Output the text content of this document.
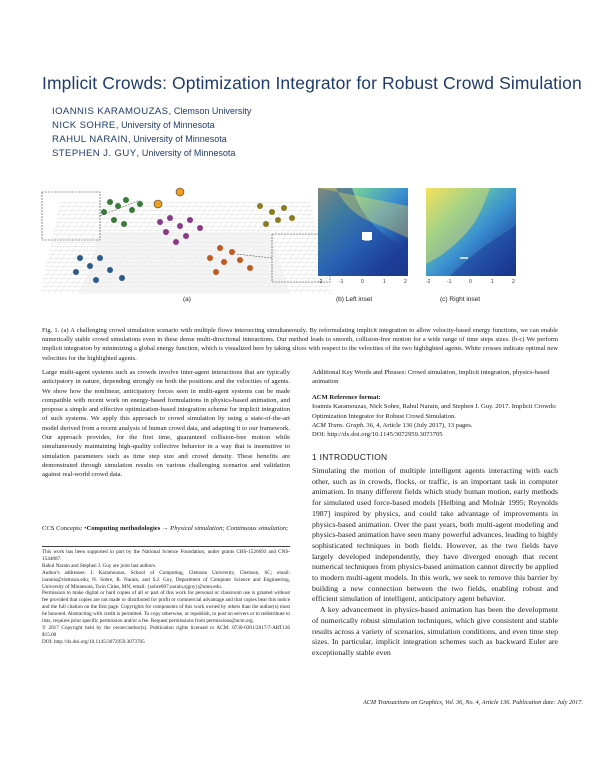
Implicit Crowds: Optimization Integrator for Robust Crowd Simulation
IOANNIS KARAMOUZAS, Clemson University
NICK SOHRE, University of Minnesota
RAHUL NARAIN, University of Minnesota
STEPHEN J. GUY, University of Minnesota
(a)
-2	-1	0	1	2
(b) Left inset
-2	-1	0	1	2
(c) Right inset
Fig. 1. (a) A challenging crowd simulation scenario with multiple flows intersecting simultaneously. By reformulating implicit integration to allow velocity-based energy functions, we can enable numerically stable crowd simulations even in these dense multi-directional interactions. Our method leads to smooth, collision-free motion for a wide range of time steps sizes. (b-c) We perform implicit integration by minimizing a global energy function, which is visualized here by taking slices with respect to the velocities of the two highlighted agents. White crosses indicate optimal new velocities for the highlighted agents.
Large multi-agent systems such as crowds involve inter-agent interactions that are typically anticipatory in nature, depending strongly on both the positions and the velocities of agents. We show how the nonlinear, anticipatory forces seen in multi-agent systems can be made compatible with recent work on energy-based formulations in physics-based animation, and propose a simple and effective optimization-based integration scheme for implicit integration of such systems. We apply this approach to crowd simulation by using a state-of-the-art model derived from a recent analysis of human crowd data, and adapting it to our framework. Our approach provides, for the first time, guaranteed collision-free motion while simultaneously maintaining high-quality collective behavior in a way that is insensitive to simulation parameters such as time step size and crowd density. These benefits are demonstrated through simulation results on various challenging scenarios and validation against real-world crowd data.
CCS Concepts: •Computing methodologies → Physical simulation; Continuous simulation;
This work has been supported in part by the National Science Foundation, under grants CHS-1526693 and CNS-1544887.
Rahul Narain and Stephen J. Guy are joint last authors.
Author's addresses: I. Karamouzas, School of Computing, Clemson University, Clemson, SC; email: ioannis@clemson.edu; N. Sohre, R. Narain, and S.J. Guy, Department of Computer Science and Engineering, University of Minnesota, Twin Cities, MN; email: {sohre007,narain,sjguy}@umn.edu.
Permission to make digital or hard copies of all or part of this work for personal or classroom use is granted without fee provided that copies are not made or distributed for profit or commercial advantage and that copies bear this notice and the full citation on the first page. Copyrights for components of this work owned by others than the author(s) must be honored. Abstracting with credit is permitted. To copy otherwise, or republish, to post on servers or to redistribute to lists, requires prior specific permission and/or a fee. Request permissions from permissions@acm.org.
© 2017 Copyright held by the owner/author(s). Publication rights licensed to ACM. 0730-0301/2017/7-ART136 $15.00
DOI: http://dx.doi.org/10.1145/3072959.3073705
Additional Key Words and Phrases: Crowd simulation, implicit integration, physics-based animation
ACM Reference format:
Ioannis Karamouzas, Nick Sohre, Rahul Narain, and Stephen J. Guy. 2017. Implicit Crowds: Optimization Integrator for Robust Crowd Simulation.
ACM Trans. Graph. 36, 4, Article 136 (July 2017), 13 pages.
DOI: http://dx.doi.org/10.1145/3072959.3073705
1 INTRODUCTION

Simulating the motion of multiple intelligent agents interacting with each other, such as in crowds, flocks, or traffic, is an important task in computer animation. In many different fields which study human motion, early methods for simulated used force-based models [Helbing and Molnár 1995; Reynolds 1987] inspired by physics, and could take advantage of improvements in physics-based animation. Over the past years, both multi-agent modeling and physics-based animation have seen many powerful advances, leading to highly sophisticated techniques in both fields. However, as the two fields have largely developed independently, they have diverged enough that recent numerical techniques from physics-based animation cannot directly be applied to modern multi-agent models. In this work, we seek to remove this barrier by building a new connection between the two fields, enabling robust and efficient simulation of intelligent, anticipatory agent behavior.

A key advancement in physics-based animation has been the development of numerically robust simulation techniques, which give consistent and stable results across a variety of scenarios, simulation conditions, and even time step sizes. In particular, implicit integration schemes such as backward Euler are exceptionally stable even

ACM Transactions on Graphics, Vol. 36, No. 4, Article 136. Publication date: July 2017.
